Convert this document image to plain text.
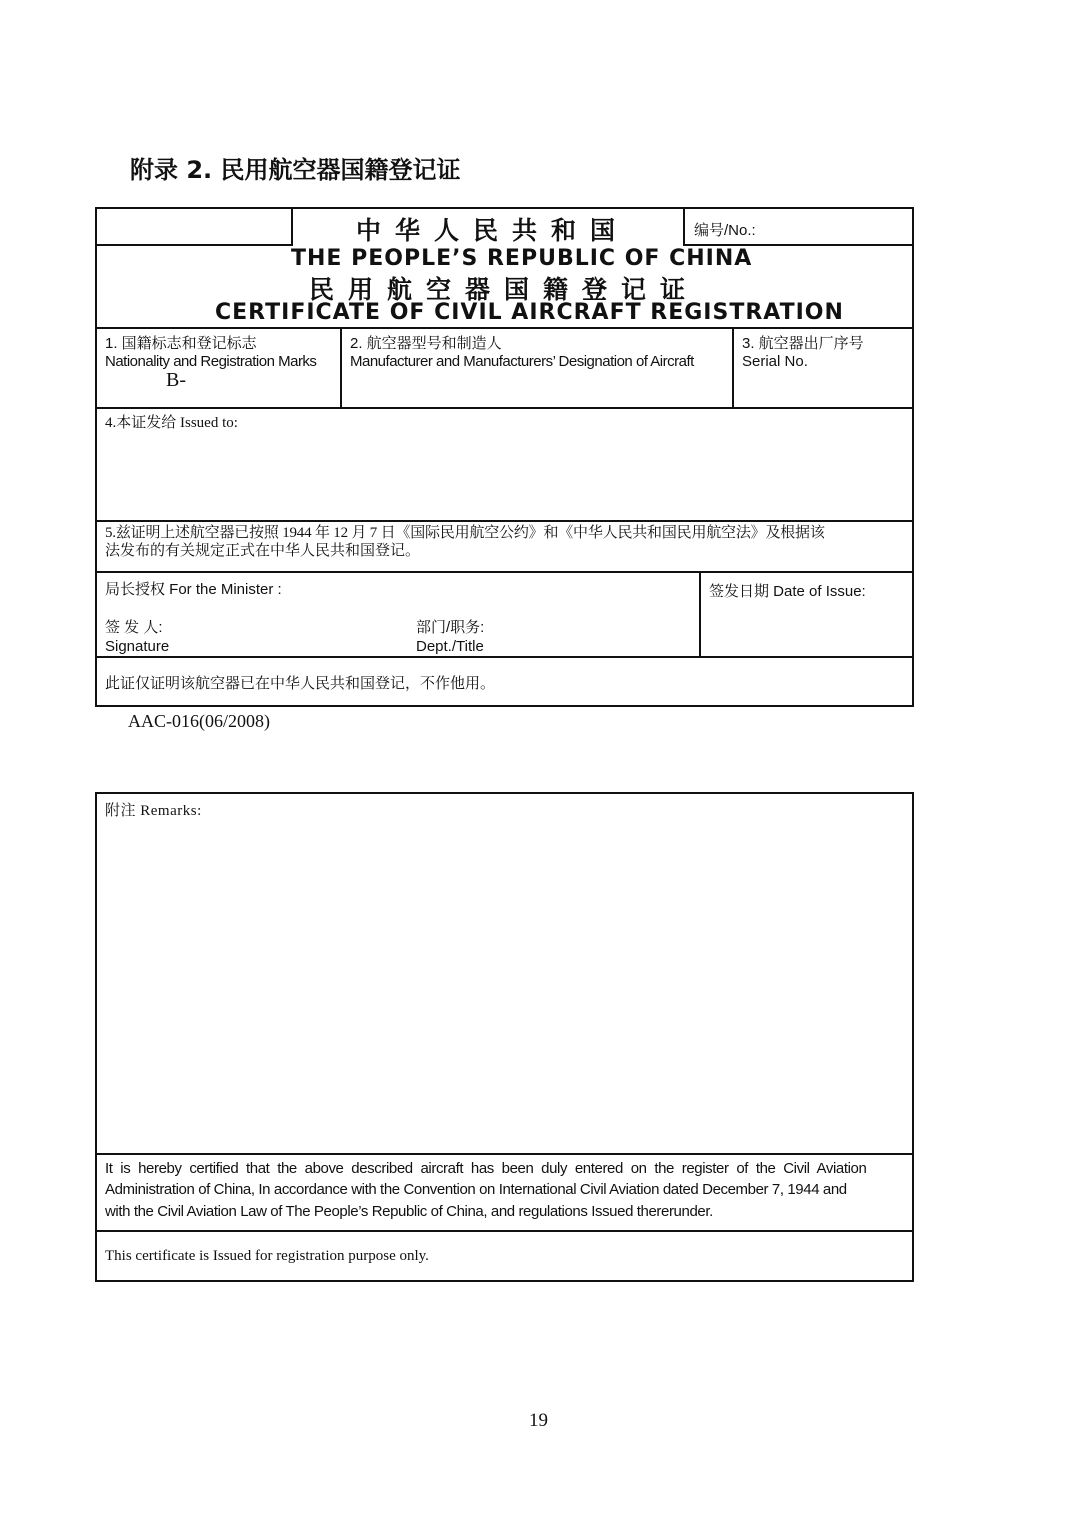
附录 2. 民用航空器国籍登记证
中华人民共和国	编号/No.:
THE PEOPLE’S REPUBLIC OF CHINA
民用航空器国籍登记证
CERTIFICATE OF CIVIL AIRCRAFT REGISTRATION
1. 国籍标志和登记标志
Nationality and Registration Marks
B-
2. 航空器型号和制造人
Manufacturer and Manufacturers’ Designation of Aircraft
3. 航空器出厂序号
Serial No.
4.本证发给 Issued to:
5.兹证明上述航空器已按照 1944 年 12 月 7 日《国际民用航空公约》和《中华人民共和国民用航空法》及根据该
法发布的有关规定正式在中华人民共和国登记。
局长授权 For the Minister :	签发日期 Date of Issue:
签 发 人:
Signature
部门/职务:
Dept./Title
此证仅证明该航空器已在中华人民共和国登记，不作他用。
AAC-016(06/2008)
附注 Remarks:
It is hereby certified that the above described aircraft has been duly entered on the register of the Civil Aviation
Administration of China, In accordance with the Convention on International Civil Aviation dated December 7, 1944 and
with the Civil Aviation Law of The People’s Republic of China, and regulations Issued thererunder.
This certificate is Issued for registration purpose only.
19
